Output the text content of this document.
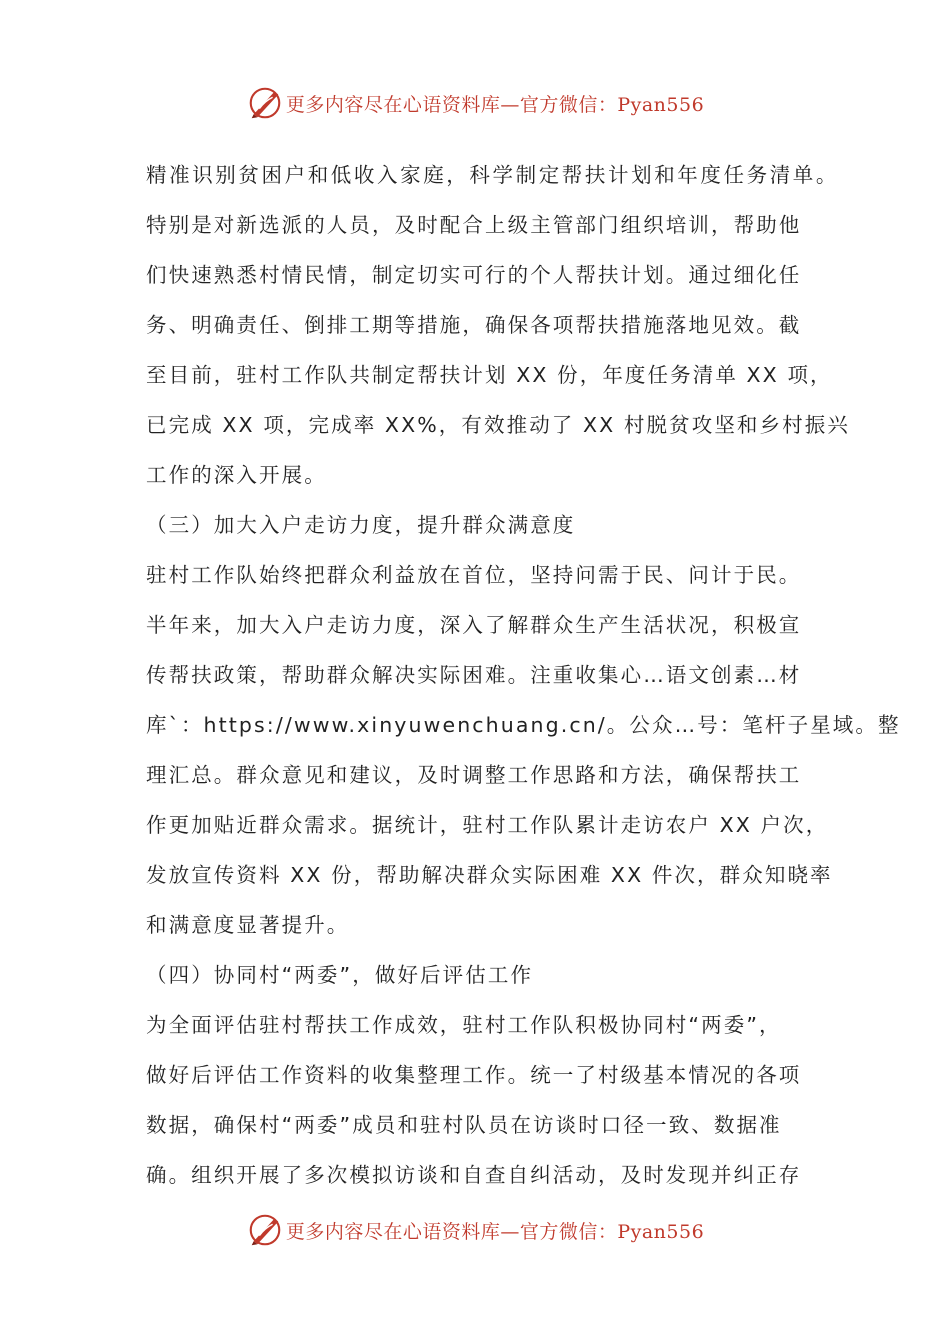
更多内容尽在心语资料库—官方微信：Pyan556
精准识别贫困户和低收入家庭，科学制定帮扶计划和年度任务清单。
特别是对新选派的人员，及时配合上级主管部门组织培训，帮助他
们快速熟悉村情民情，制定切实可行的个人帮扶计划。通过细化任
务、明确责任、倒排工期等措施，确保各项帮扶措施落地见效。截
至目前，驻村工作队共制定帮扶计划 XX 份，年度任务清单 XX 项，
已完成 XX 项，完成率 XX%，有效推动了 XX 村脱贫攻坚和乡村振兴
工作的深入开展。
（三）加大入户走访力度，提升群众满意度
驻村工作队始终把群众利益放在首位，坚持问需于民、问计于民。
半年来，加大入户走访力度，深入了解群众生产生活状况，积极宣
传帮扶政策，帮助群众解决实际困难。注重收集心…语文创素…材
库`：https://www.xinyuwenchuang.cn/。公众…号：笔杆子星域。整
理汇总。群众意见和建议，及时调整工作思路和方法，确保帮扶工
作更加贴近群众需求。据统计，驻村工作队累计走访农户 XX 户次，
发放宣传资料 XX 份，帮助解决群众实际困难 XX 件次，群众知晓率
和满意度显著提升。
（四）协同村“两委”，做好后评估工作
为全面评估驻村帮扶工作成效，驻村工作队积极协同村“两委”，
做好后评估工作资料的收集整理工作。统一了村级基本情况的各项
数据，确保村“两委”成员和驻村队员在访谈时口径一致、数据准
确。组织开展了多次模拟访谈和自查自纠活动，及时发现并纠正存
更多内容尽在心语资料库—官方微信：Pyan556
